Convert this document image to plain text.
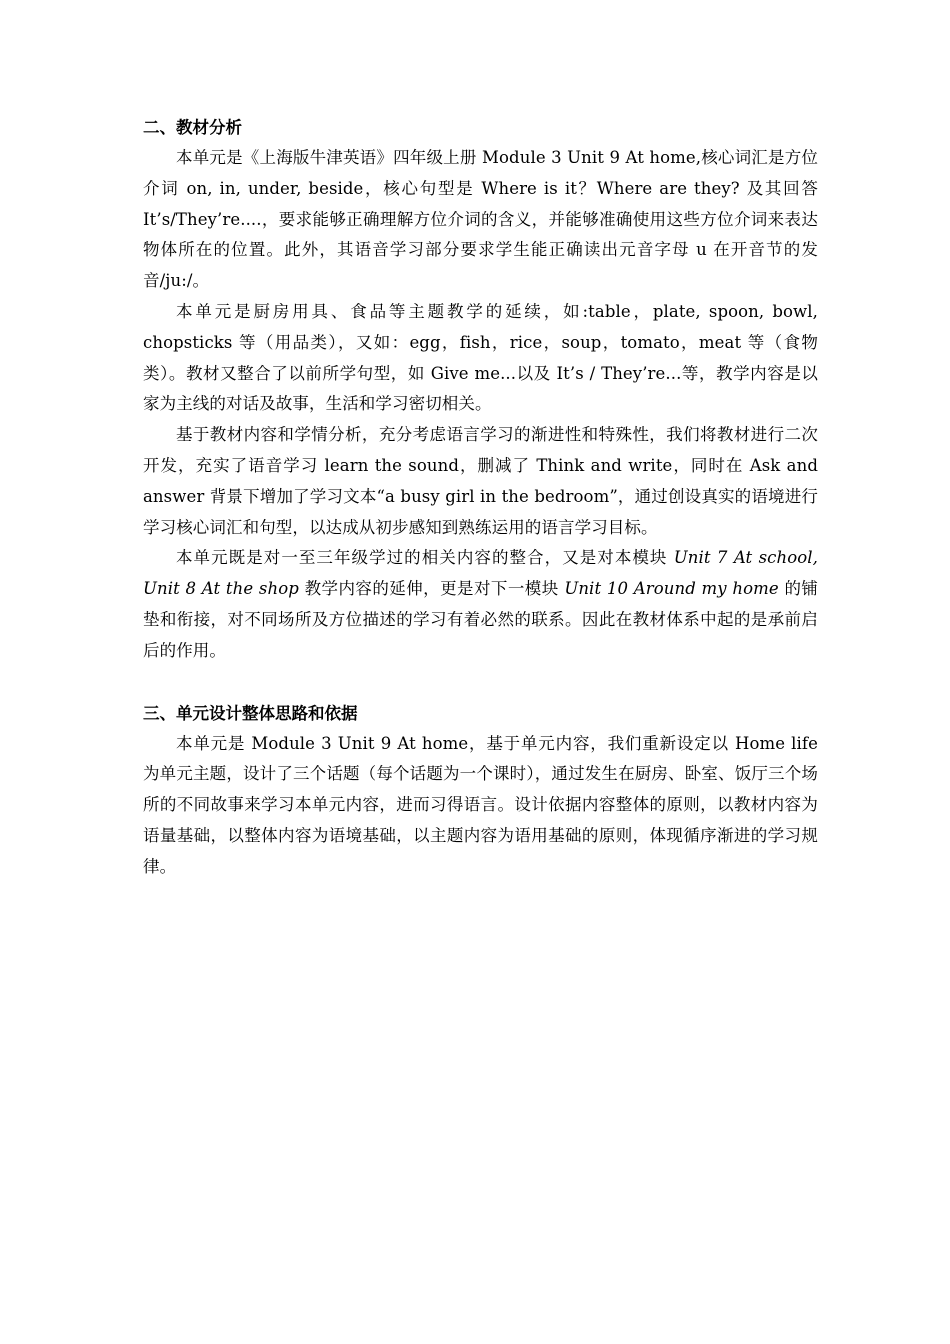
二、教材分析

本单元是《上海版牛津英语》四年级上册 Module 3 Unit 9 At home,核心词汇是方位介词 on, in, under, beside，核心句型是 Where is it？Where are they? 及其回答 It’s/They’re....，要求能够正确理解方位介词的含义，并能够准确使用这些方位介词来表达物体所在的位置。此外，其语音学习部分要求学生能正确读出元音字母 u 在开音节的发音/ju:/。

本单元是厨房用具、食品等主题教学的延续，如:table，plate, spoon, bowl, chopsticks 等（用品类），又如：egg，fish，rice，soup，tomato，meat 等（食物类）。教材又整合了以前所学句型，如 Give me...以及 It’s / They’re...等，教学内容是以家为主线的对话及故事，生活和学习密切相关。

基于教材内容和学情分析，充分考虑语言学习的渐进性和特殊性，我们将教材进行二次开发，充实了语音学习 learn the sound，删减了 Think and write，同时在 Ask and answer 背景下增加了学习文本“a busy girl in the bedroom”，通过创设真实的语境进行学习核心词汇和句型，以达成从初步感知到熟练运用的语言学习目标。

本单元既是对一至三年级学过的相关内容的整合，又是对本模块 Unit 7 At school, Unit 8 At the shop 教学内容的延伸，更是对下一模块 Unit 10 Around my home 的铺垫和衔接，对不同场所及方位描述的学习有着必然的联系。因此在教材体系中起的是承前启后的作用。

三、单元设计整体思路和依据

本单元是 Module 3 Unit 9 At home，基于单元内容，我们重新设定以 Home life 为单元主题，设计了三个话题（每个话题为一个课时），通过发生在厨房、卧室、饭厅三个场所的不同故事来学习本单元内容，进而习得语言。设计依据内容整体的原则，以教材内容为语量基础，以整体内容为语境基础，以主题内容为语用基础的原则，体现循序渐进的学习规律。
